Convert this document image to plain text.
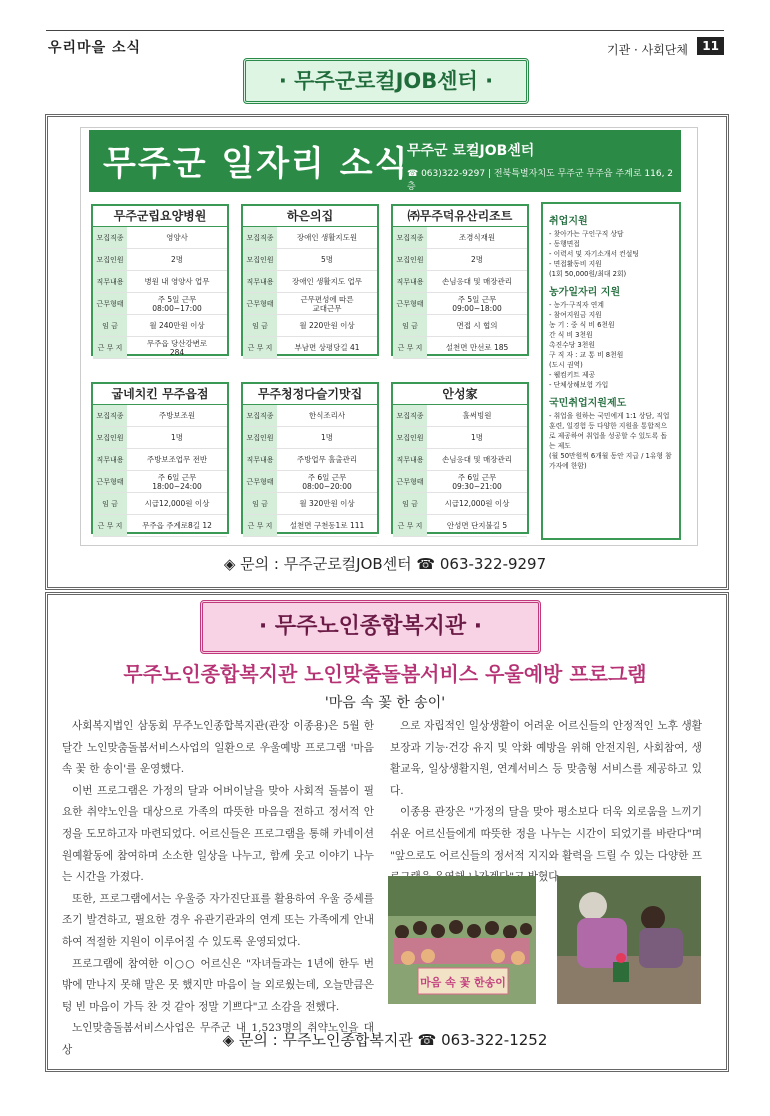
우리마을 소식	기관 · 사회단체	11
· 무주군로컬JOB센터 ·
무주군 일자리 소식
무주군 로컬JOB센터
☎ 063)322-9297 | 전북특별자치도 무주군 무주읍 주계로 116, 2층
무주군립요양병원
모집직종	영양사
모집인원	2명
직무내용	병원 내 영양사 업무
근무형태	주 5일 근무
08:00~17:00
임 금	월 240만원 이상
근 무 지	무주읍 당산강변로
284
하은의집
모집직종	장애인 생활지도원
모집인원	5명
직무내용	장애인 생활지도 업무
근무형태	근무편성에 따른
교대근무
임 금	월 220만원 이상
근 무 지	부남면 상평당길 41
㈜무주덕유산리조트
모집직종	조경식재원
모집인원	2명
직무내용	손님응대 및 매장관리
근무형태	주 5일 근무
09:00~18:00
임 금	면접 시 협의
근 무 지	설천면 만선로 185
굽네치킨 무주읍점
모집직종	주방보조원
모집인원	1명
직무내용	주방보조업무 전반
근무형태	주 6일 근무
18:00~24:00
임 금	시급12,000원 이상
근 무 지	무주읍 주계로8길 12
무주청정다슬기맛집
모집직종	한식조리사
모집인원	1명
직무내용	주방업무 홀출관리
근무형태	주 6일 근무
08:00~20:00
임 금	월 320만원 이상
근 무 지	설천면 구천동1로 111
안성家
모집직종	홀써빙원
모집인원	1명
직무내용	손님응대 및 매장관리
근무형태	주 6일 근무
09:30~21:00
임 금	시급12,000원 이상
근 무 지	안성면 단지불길 5
취업지원
- 찾아가는 구인구직 상담
- 동행면접
- 이력서 및 자기소개서 컨설팅
- 면접활동비 지원
(1회 50,000원/최대 2회)
농가일자리 지원
- 농가·구직자 연계
- 참여지원금 지원
농 기 : 중 식 비 6천원
간 식 비 3천원
촉진수당 3천원
구 직 자 : 교 통 비 8천원
(도시 권역)
- 웰컴키트 제공
- 단체상해보험 가입
국민취업지원제도
- 취업을 원하는 국민에게 1:1 상담, 직업훈련, 일경험 등 다양한 지원을 통합적으로 제공하여 취업을 성공할 수 있도록 돕는 제도
(월 50만원씩 6개월 동안 지급 / 1유형 참가자에 한함)
◈ 문의 : 무주군로컬JOB센터 ☎ 063-322-9297
· 무주노인종합복지관 ·
무주노인종합복지관 노인맞춤돌봄서비스 우울예방 프로그램
'마음 속 꽃 한 송이'

사회복지법인 삼동회 무주노인종합복지관(관장 이종용)은 5월 한 달간 노인맞춤돌봄서비스사업의 일환으로 우울예방 프로그램 '마음 속 꽃 한 송이'를 운영했다.

이번 프로그램은 가정의 달과 어버이날을 맞아 사회적 돌봄이 필요한 취약노인을 대상으로 가족의 따뜻한 마음을 전하고 정서적 안정을 도모하고자 마련되었다. 어르신들은 프로그램을 통해 카네이션 원예활동에 참여하며 소소한 일상을 나누고, 함께 웃고 이야기 나누는 시간을 가졌다.

또한, 프로그램에서는 우울증 자가진단표를 활용하여 우울 증세를 조기 발견하고, 필요한 경우 유관기관과의 연계 또는 가족에게 안내하여 적절한 지원이 이루어질 수 있도록 운영되었다.

프로그램에 참여한 이○○ 어르신은 "자녀들과는 1년에 한두 번 밖에 만나지 못해 말은 못 했지만 마음이 늘 외로웠는데, 오늘만큼은 텅 빈 마음이 가득 찬 것 같아 정말 기쁘다"고 소감을 전했다.

노인맞춤돌봄서비스사업은 무주군 내 1,523명의 취약노인을 대상

으로 자립적인 일상생활이 어려운 어르신들의 안정적인 노후 생활 보장과 기능·건강 유지 및 악화 예방을 위해 안전지원, 사회참여, 생활교육, 일상생활지원, 연계서비스 등 맞춤형 서비스를 제공하고 있다.

이종용 관장은 "가정의 달을 맞아 평소보다 더욱 외로움을 느끼기 쉬운 어르신들에게 따뜻한 정을 나누는 시간이 되었기를 바란다"며 "앞으로도 어르신들의 정서적 지지와 활력을 드릴 수 있는 다양한 프 밝혔다.

마음 속 꽃 한송이
◈ 문의 : 무주노인종합복지관 ☎ 063-322-1252
